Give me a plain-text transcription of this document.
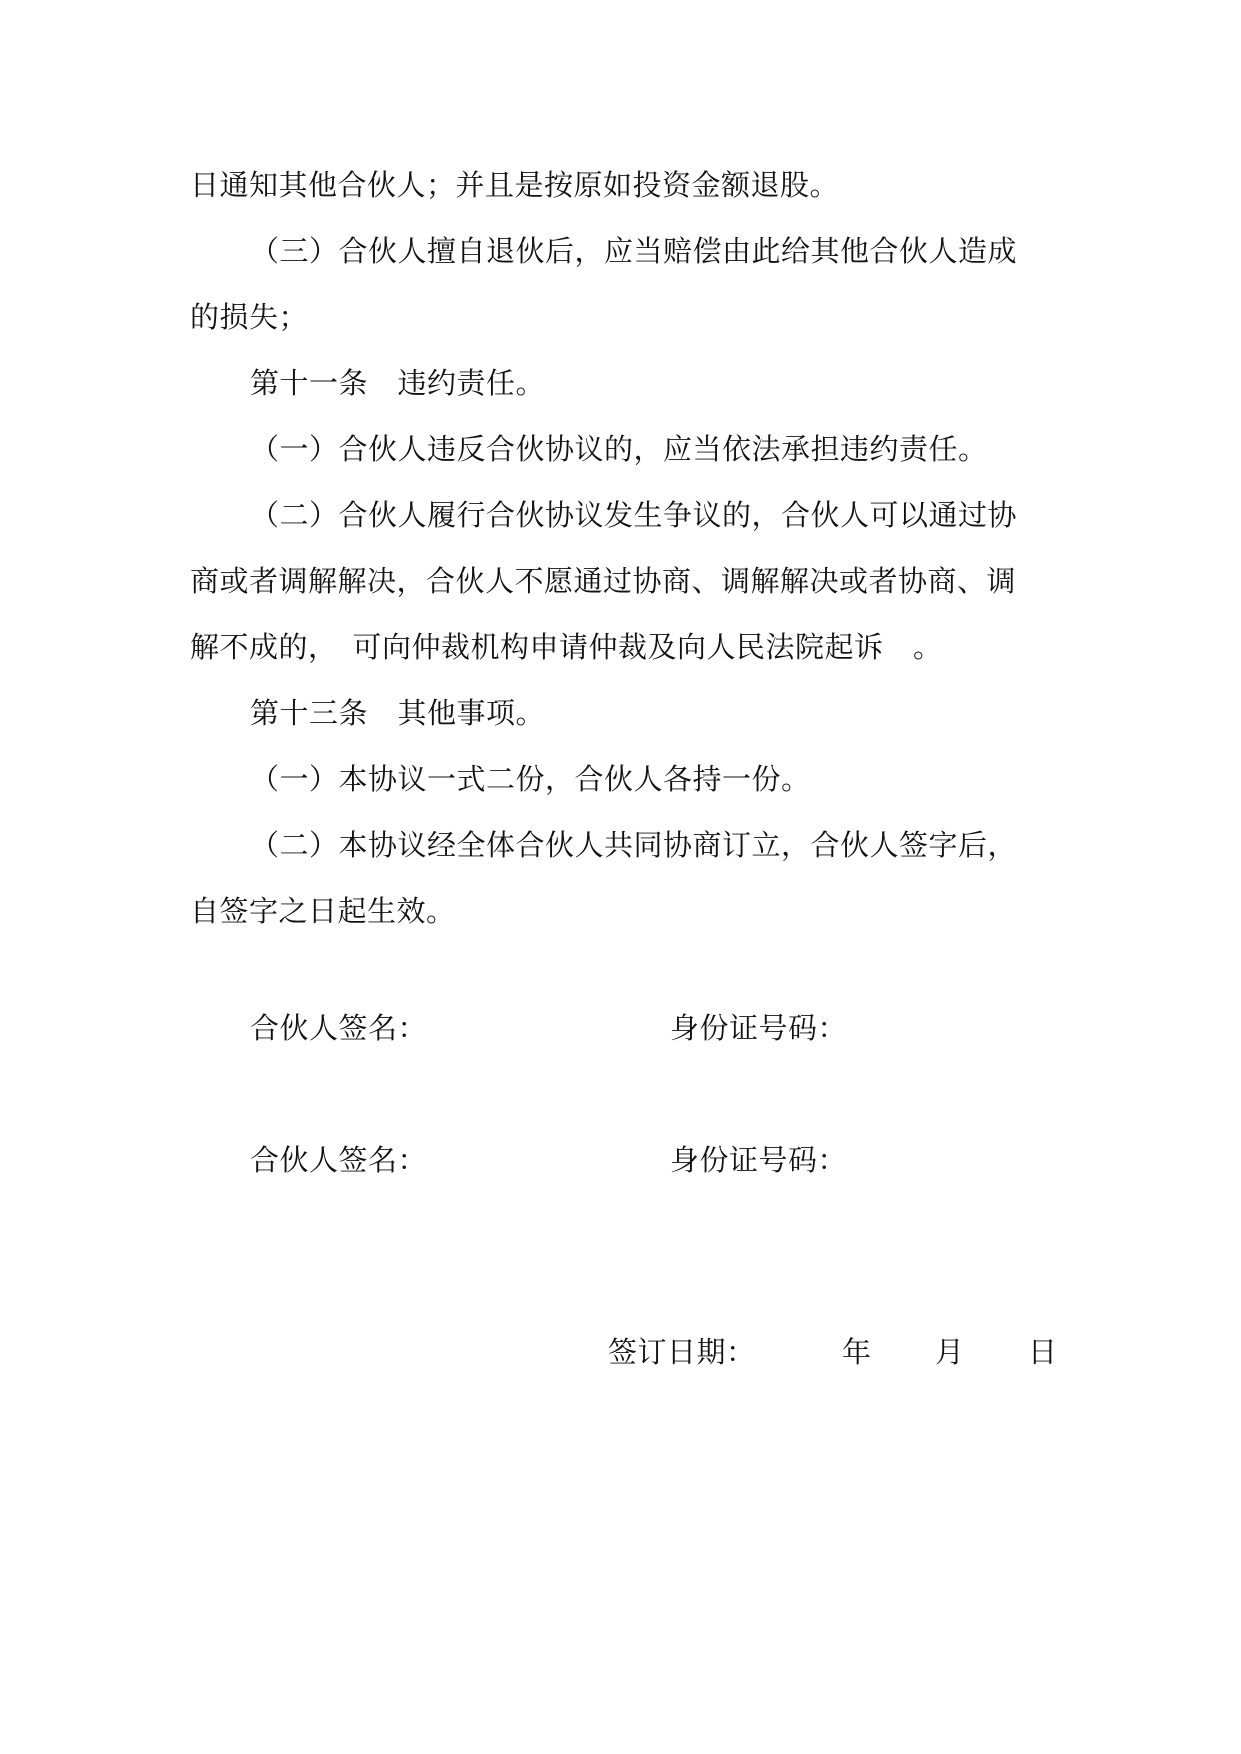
日通知其他合伙人；并且是按原如投资金额退股。
（三）合伙人擅自退伙后，应当赔偿由此给其他合伙人造成
的损失；
第十一条　违约责任。
（一）合伙人违反合伙协议的，应当依法承担违约责任。
（二）合伙人履行合伙协议发生争议的，合伙人可以通过协
商或者调解解决，合伙人不愿通过协商、调解解决或者协商、调
解不成的，　可向仲裁机构申请仲裁及向人民法院起诉　。
第十三条　其他事项。
（一）本协议一式二份，合伙人各持一份。
（二）本协议经全体合伙人共同协商订立，合伙人签字后，
自签字之日起生效。
合伙人签名：	身份证号码：
合伙人签名：	身份证号码：
签订日期：	年 月 日
